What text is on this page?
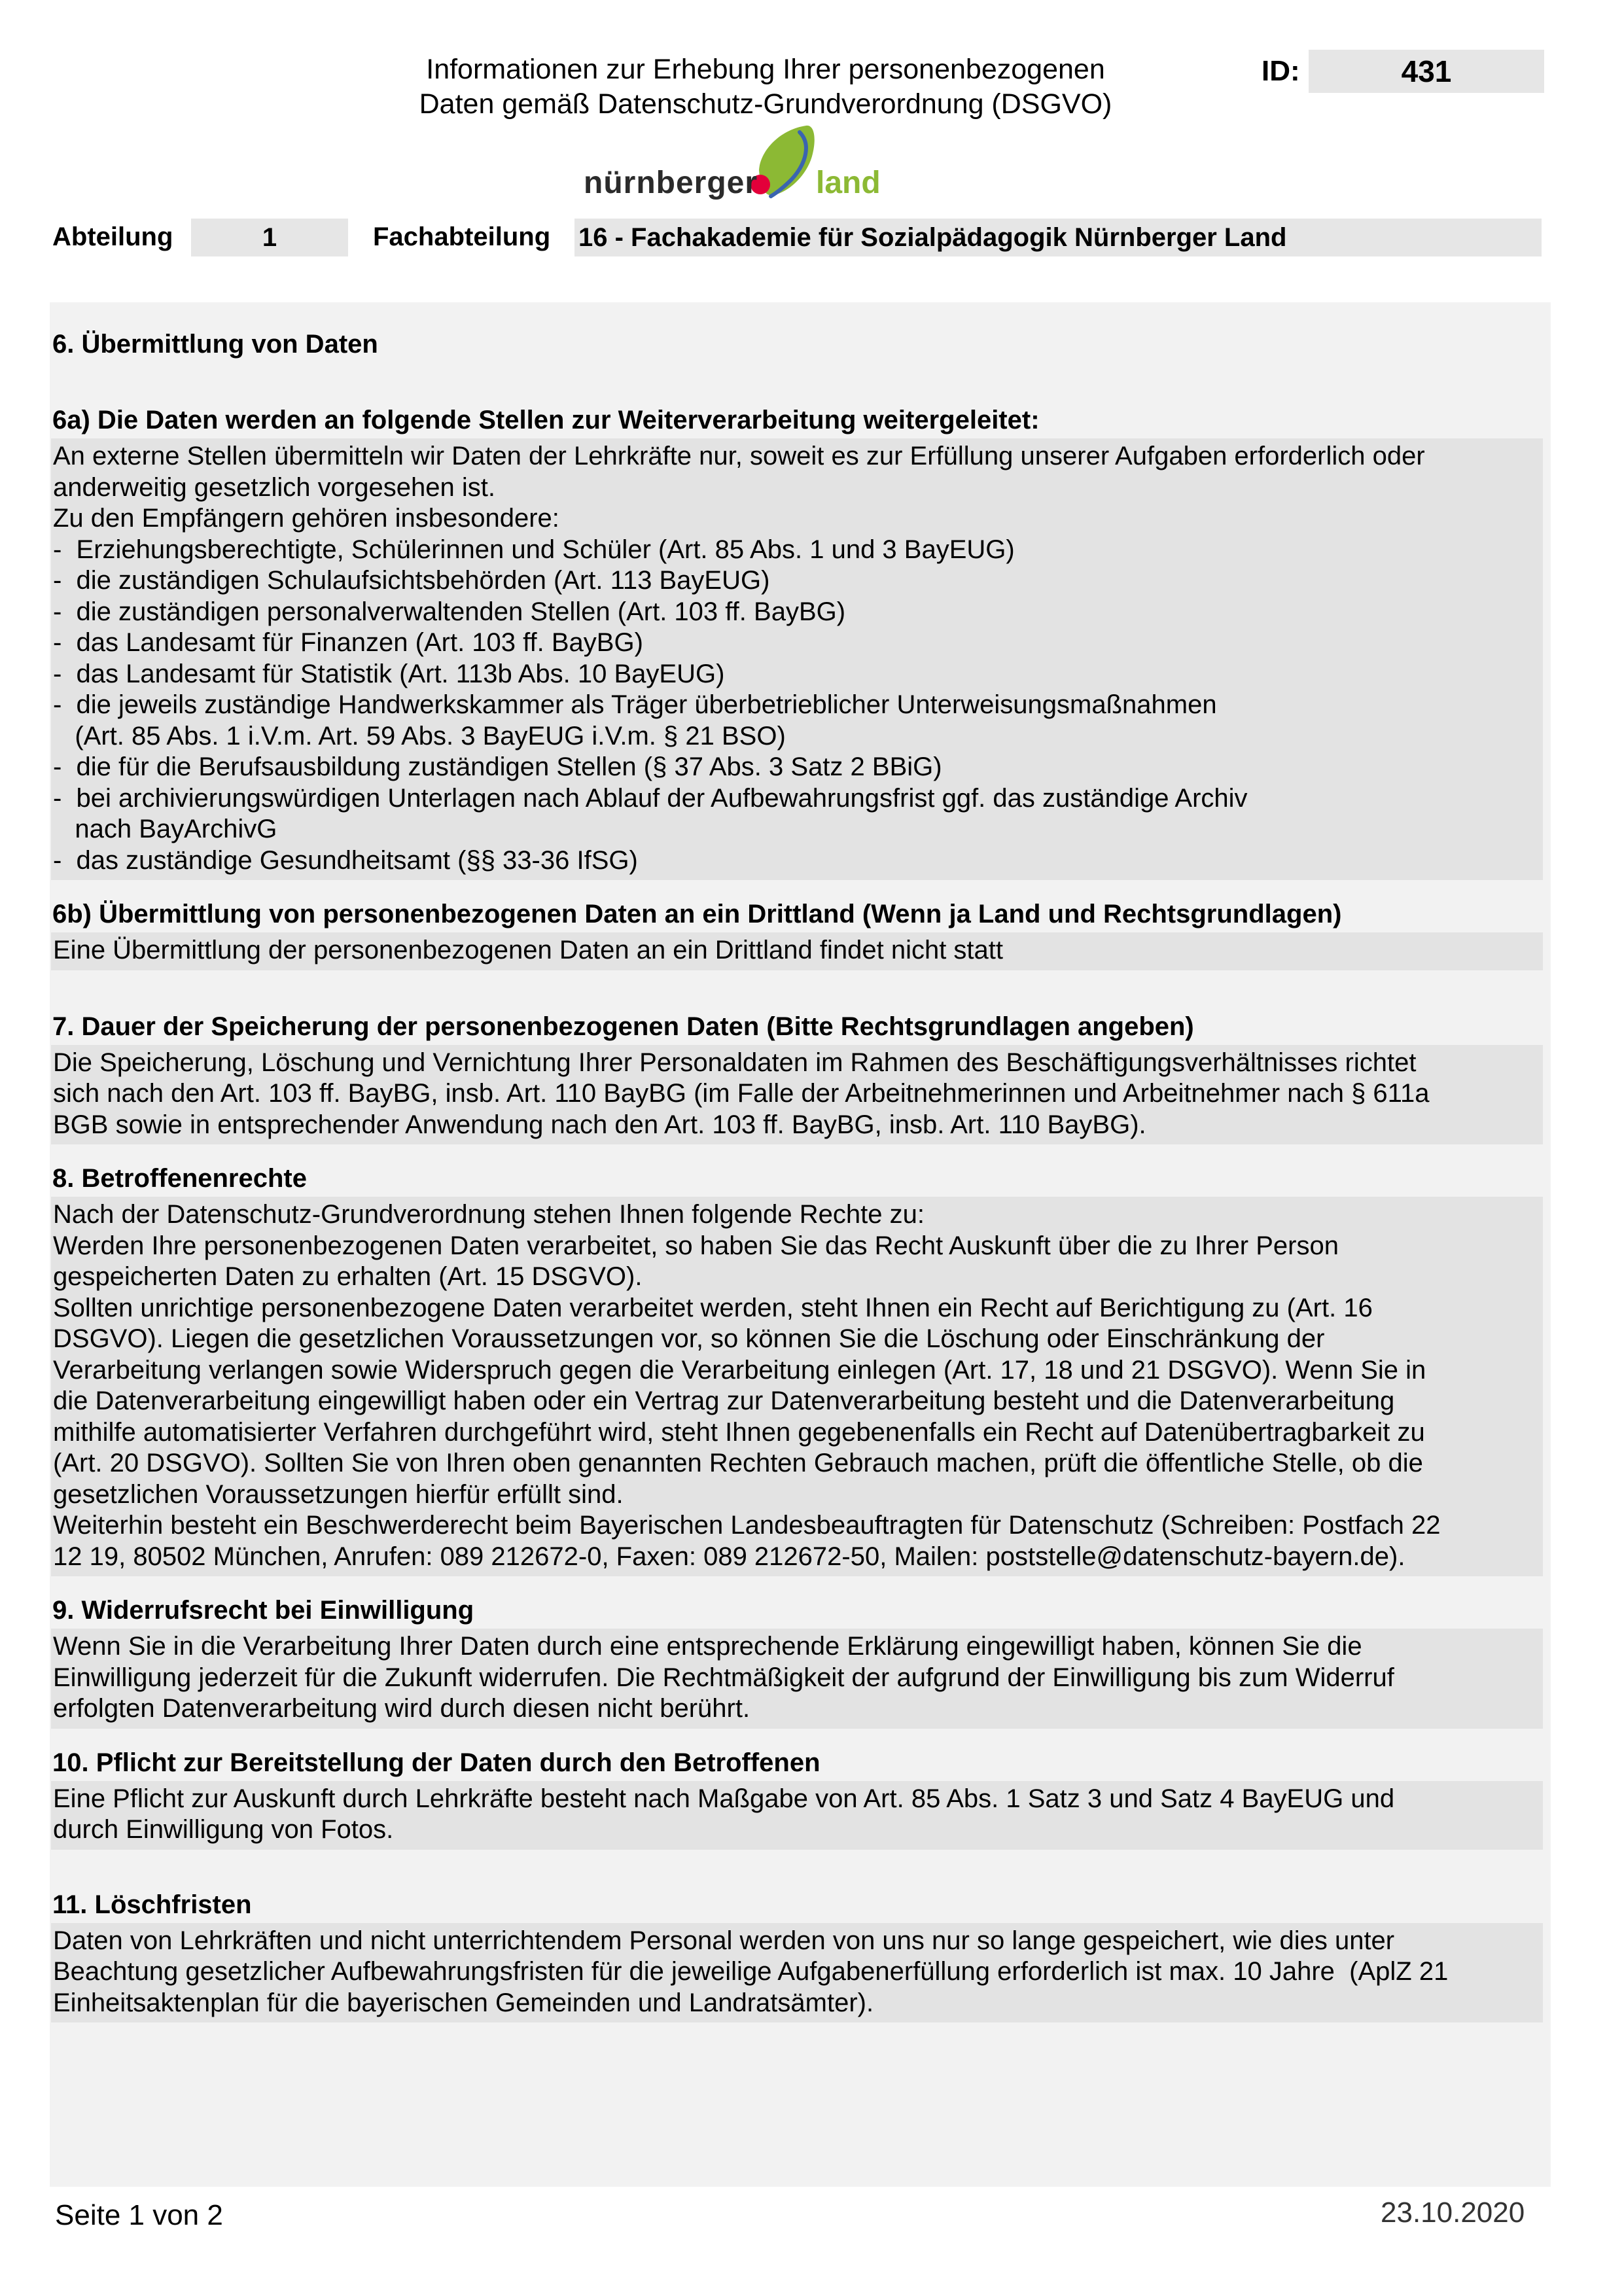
Informationen zur Erhebung Ihrer personenbezogenen
Daten gemäß Datenschutz-Grundverordnung (DSGVO)
ID:	431
nürnberger land
Abteilung	1	Fachabteilung 16 - Fachakademie für Sozialpädagogik Nürnberger Land
6. Übermittlung von Daten
6a) Die Daten werden an folgende Stellen zur Weiterverarbeitung weitergeleitet:
An externe Stellen übermitteln wir Daten der Lehrkräfte nur, soweit es zur Erfüllung unserer Aufgaben erforderlich oder
anderweitig gesetzlich vorgesehen ist.
Zu den Empfängern gehören insbesondere:
-  Erziehungsberechtigte, Schülerinnen und Schüler (Art. 85 Abs. 1 und 3 BayEUG)
-  die zuständigen Schulaufsichtsbehörden (Art. 113 BayEUG)
-  die zuständigen personalverwaltenden Stellen (Art. 103 ff. BayBG)
-  das Landesamt für Finanzen (Art. 103 ff. BayBG)
-  das Landesamt für Statistik (Art. 113b Abs. 10 BayEUG)
-  die jeweils zuständige Handwerkskammer als Träger überbetrieblicher Unterweisungsmaßnahmen
(Art. 85 Abs. 1 i.V.m. Art. 59 Abs. 3 BayEUG i.V.m. § 21 BSO)
-  die für die Berufsausbildung zuständigen Stellen (§ 37 Abs. 3 Satz 2 BBiG)
-  bei archivierungswürdigen Unterlagen nach Ablauf der Aufbewahrungsfrist ggf. das zuständige Archiv
nach BayArchivG
-  das zuständige Gesundheitsamt (§§ 33-36 IfSG)
6b) Übermittlung von personenbezogenen Daten an ein Drittland (Wenn ja Land und Rechtsgrundlagen)
Eine Übermittlung der personenbezogenen Daten an ein Drittland findet nicht statt
7. Dauer der Speicherung der personenbezogenen Daten (Bitte Rechtsgrundlagen angeben)
Die Speicherung, Löschung und Vernichtung Ihrer Personaldaten im Rahmen des Beschäftigungsverhältnisses richtet
sich nach den Art. 103 ff. BayBG, insb. Art. 110 BayBG (im Falle der Arbeitnehmerinnen und Arbeitnehmer nach § 611a
BGB sowie in entsprechender Anwendung nach den Art. 103 ff. BayBG, insb. Art. 110 BayBG).
8. Betroffenenrechte
Nach der Datenschutz-Grundverordnung stehen Ihnen folgende Rechte zu:
Werden Ihre personenbezogenen Daten verarbeitet, so haben Sie das Recht Auskunft über die zu Ihrer Person
gespeicherten Daten zu erhalten (Art. 15 DSGVO).
Sollten unrichtige personenbezogene Daten verarbeitet werden, steht Ihnen ein Recht auf Berichtigung zu (Art. 16
DSGVO). Liegen die gesetzlichen Voraussetzungen vor, so können Sie die Löschung oder Einschränkung der
Verarbeitung verlangen sowie Widerspruch gegen die Verarbeitung einlegen (Art. 17, 18 und 21 DSGVO). Wenn Sie in
die Datenverarbeitung eingewilligt haben oder ein Vertrag zur Datenverarbeitung besteht und die Datenverarbeitung
mithilfe automatisierter Verfahren durchgeführt wird, steht Ihnen gegebenenfalls ein Recht auf Datenübertragbarkeit zu
(Art. 20 DSGVO). Sollten Sie von Ihren oben genannten Rechten Gebrauch machen, prüft die öffentliche Stelle, ob die
gesetzlichen Voraussetzungen hierfür erfüllt sind.
Weiterhin besteht ein Beschwerderecht beim Bayerischen Landesbeauftragten für Datenschutz (Schreiben: Postfach 22
12 19, 80502 München, Anrufen: 089 212672-0, Faxen: 089 212672-50, Mailen: poststelle@datenschutz-bayern.de).
9. Widerrufsrecht bei Einwilligung
Wenn Sie in die Verarbeitung Ihrer Daten durch eine entsprechende Erklärung eingewilligt haben, können Sie die
Einwilligung jederzeit für die Zukunft widerrufen. Die Rechtmäßigkeit der aufgrund der Einwilligung bis zum Widerruf
erfolgten Datenverarbeitung wird durch diesen nicht berührt.
10. Pflicht zur Bereitstellung der Daten durch den Betroffenen
Eine Pflicht zur Auskunft durch Lehrkräfte besteht nach Maßgabe von Art. 85 Abs. 1 Satz 3 und Satz 4 BayEUG und
durch Einwilligung von Fotos.
11. Löschfristen
Daten von Lehrkräften und nicht unterrichtendem Personal werden von uns nur so lange gespeichert, wie dies unter
Beachtung gesetzlicher Aufbewahrungsfristen für die jeweilige Aufgabenerfüllung erforderlich ist max. 10 Jahre  (AplZ 21
Einheitsaktenplan für die bayerischen Gemeinden und Landratsämter).
Seite 1 von 2	23.10.2020
